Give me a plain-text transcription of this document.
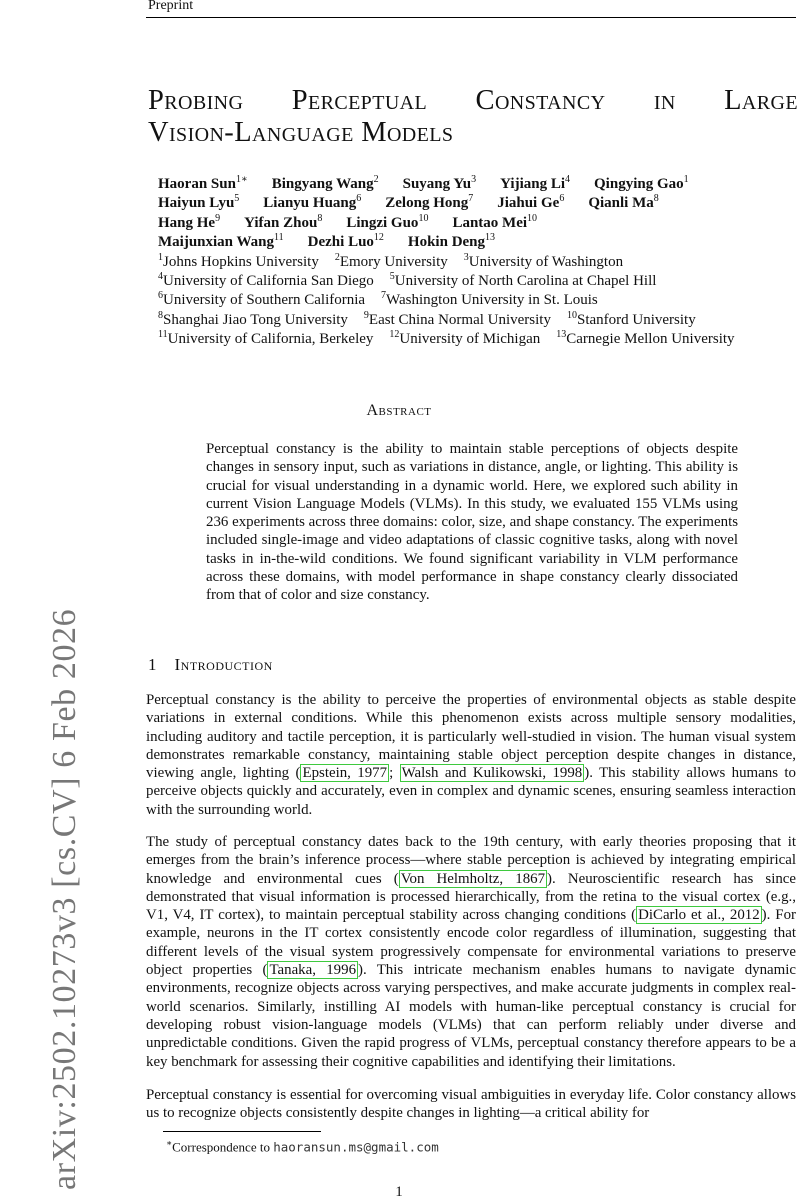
Preprint
arXiv:2502.10273v3 [cs.CV] 6 Feb 2026
Probing Perceptual Constancy in Large
Vision-Language Models
Haoran Sun$^{1∗}$ Bingyang Wang$^2$ Suyang Yu$^3$ Yijiang Li$^4$ Qingying Gao$^1$
Haiyun Lyu$^5$ Lianyu Huang$^6$ Zelong Hong$^7$ Jiahui Ge$^6$ Qianli Ma$^8$
Hang He$^9$ Yifan Zhou$^8$ Lingzi Guo$^{10}$ Lantao Mei$^{10}$
Maijunxian Wang$^{11}$ Dezhi Luo$^{12}$ Hokin Deng$^{13}$
$^1$Johns Hopkins University $^2$Emory University $^3$University of Washington
$^4$University of California San Diego $^5$University of North Carolina at Chapel Hill
$^6$University of Southern California $^7$Washington University in St. Louis
$^8$Shanghai Jiao Tong University $^9$East China Normal University $^{10}$Stanford University
$^{11}$University of California, Berkeley $^{12}$University of Michigan $^{13}$Carnegie Mellon University
Abstract
Perceptual constancy is the ability to maintain stable perceptions of objects despite changes in sensory input, such as variations in distance, angle, or lighting. This ability is crucial for visual understanding in a dynamic world. Here, we explored such ability in current Vision Language Models (VLMs). In this study, we evaluated 155 VLMs using 236 experiments across three domains: color, size, and shape constancy. The experiments included single-image and video adaptations of classic cognitive tasks, along with novel tasks in in-the-wild conditions. We found significant variability in VLM performance across these domains, with model performance in shape constancy clearly dissociated from that of color and size constancy.
1 Introduction
Perceptual constancy is the ability to perceive the properties of environmental objects as stable despite variations in external conditions. While this phenomenon exists across multiple sensory modalities, including auditory and tactile perception, it is particularly well-studied in vision. The human visual system demonstrates remarkable constancy, maintaining stable object perception despite changes in distance, viewing angle, lighting ( Epstein, 1977 ; Walsh and Kulikowski, 1998 ). This stability allows humans to perceive objects quickly and accurately, even in complex and dynamic scenes, ensuring seamless interaction with the surrounding world.
The study of perceptual constancy dates back to the 19th century, with early theories proposing that it emerges from the brain’s inference process—where stable perception is achieved by integrating empirical knowledge and environmental cues ( Von Helmholtz, 1867 ). Neuroscientific research has since demonstrated that visual information is processed hierarchically, from the retina to the visual cortex (e.g., V1, V4, IT cortex), to maintain perceptual stability across changing conditions ( DiCarlo et al., 2012 ). For example, neurons in the IT cortex consistently encode color regardless of illumination, suggesting that different levels of the visual system progressively compensate for environmental variations to preserve object properties ( Tanaka, 1996 ). This intricate mechanism enables humans to navigate dynamic environments, recognize objects across varying perspectives, and make accurate judgments in complex real-world scenarios. Similarly, instilling AI models with human-like perceptual constancy is crucial for developing robust vision-language models (VLMs) that can perform reliably under diverse and unpredictable conditions. Given the rapid progress of VLMs, perceptual constancy therefore appears to be a key benchmark for assessing their cognitive capabilities and identifying their limitations.
Perceptual constancy is essential for overcoming visual ambiguities in everyday life. Color constancy allows us to recognize objects consistently despite changes in lighting—a critical ability for
∗Correspondence to haoransun.ms@gmail.com
1
